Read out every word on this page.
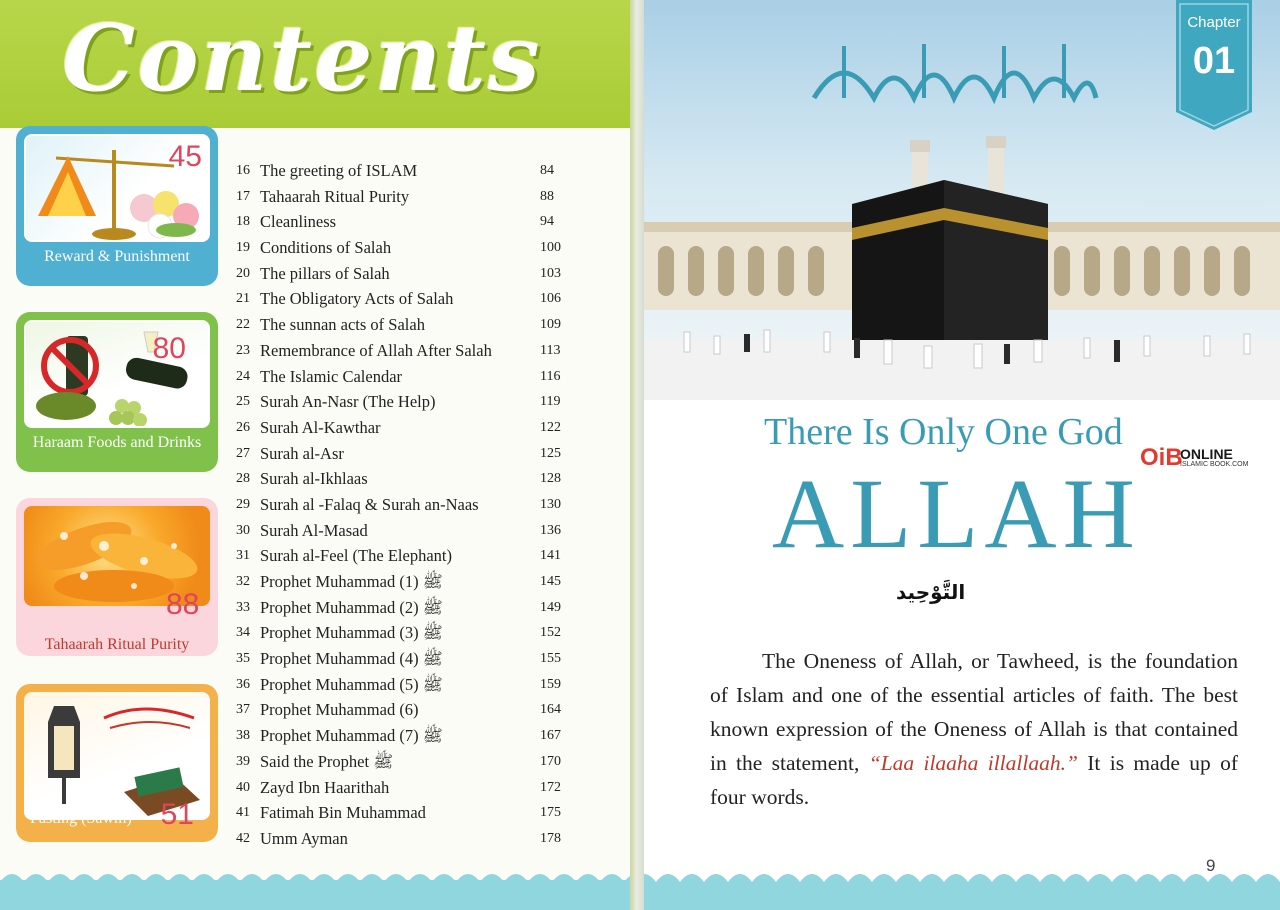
Contents
45
Reward & Punishment
80
Haraam Foods and Drinks
88
Tahaarah Ritual Purity
51
Fasting (Sawm)
16 The greeting of ISLAM	84
17 Tahaarah Ritual Purity	88
18 Cleanliness	94
19 Conditions of Salah	100
20 The pillars of Salah	103
21 The Obligatory Acts of Salah	106
22 The sunnan acts of Salah	109
23 Remembrance of Allah After Salah	113
24 The Islamic Calendar	116
25 Surah An-Nasr (The Help)	119
26 Surah Al-Kawthar	122
27 Surah al-Asr	125
28 Surah al-Ikhlaas	128
29 Surah al -Falaq & Surah an-Naas	130
30 Surah Al-Masad	136
31 Surah al-Feel (The Elephant)	141
32 Prophet Muhammad ﷺ (1)	145
33 Prophet Muhammad ﷺ (2)	149
34 Prophet Muhammad ﷺ (3)	152
35 Prophet Muhammad ﷺ (4)	155
36 Prophet Muhammad ﷺ (5)	159
37 Prophet Muhammad (6)	164
38 Prophet Muhammad ﷺ (7)	167
39 Said the Prophet ﷺ	170
40 Zayd Ibn Haarithah	172
41 Fatimah Bin Muhammad	175
42 Umm Ayman	178
Chapter
01
There Is Only One God
OiB
ONLINE
ISLAMIC BOOK.COM
ALLAH
التَّوْحِيد
The Oneness of Allah, or Tawheed, is the foundation of Islam and one of the essential articles of faith. The best known expression of the Oneness of Allah is that contained in the statement, “Laa ilaaha illallaah.” It is made up of four words.
9
